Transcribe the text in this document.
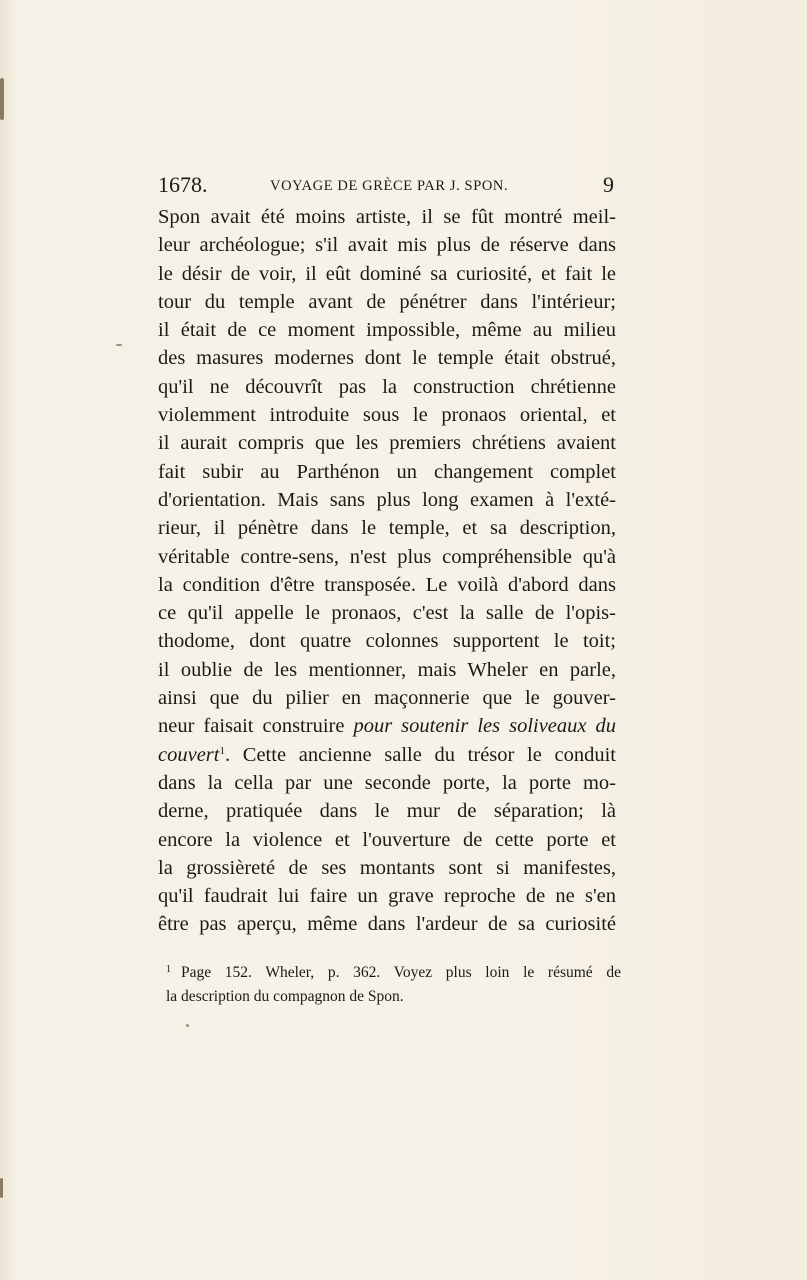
1678.	VOYAGE DE GRÈCE PAR J. SPON.	9
Spon avait été moins artiste, il se fût montré meil-
leur archéologue; s'il avait mis plus de réserve dans
le désir de voir, il eût dominé sa curiosité, et fait le
tour du temple avant de pénétrer dans l'intérieur;
il était de ce moment impossible, même au milieu
des masures modernes dont le temple était obstrué,
qu'il ne découvrît pas la construction chrétienne
violemment introduite sous le pronaos oriental, et
il aurait compris que les premiers chrétiens avaient
fait subir au Parthénon un changement complet
d'orientation. Mais sans plus long examen à l'exté-
rieur, il pénètre dans le temple, et sa description,
véritable contre-sens, n'est plus compréhensible qu'à
la condition d'être transposée. Le voilà d'abord dans
ce qu'il appelle le pronaos, c'est la salle de l'opis-
thodome, dont quatre colonnes supportent le toit;
il oublie de les mentionner, mais Wheler en parle,
ainsi que du pilier en maçonnerie que le gouver-
neur faisait construire pour soutenir les soliveaux du
couvert$^1$. Cette ancienne salle du trésor le conduit
dans la cella par une seconde porte, la porte mo-
derne, pratiquée dans le mur de séparation; là
encore la violence et l'ouverture de cette porte et
la grossièreté de ses montants sont si manifestes,
qu'il faudrait lui faire un grave reproche de ne s'en
être pas aperçu, même dans l'ardeur de sa curiosité
$^1$ Page 152. Wheler, p. 362. Voyez plus loin le résumé de
la description du compagnon de Spon.
